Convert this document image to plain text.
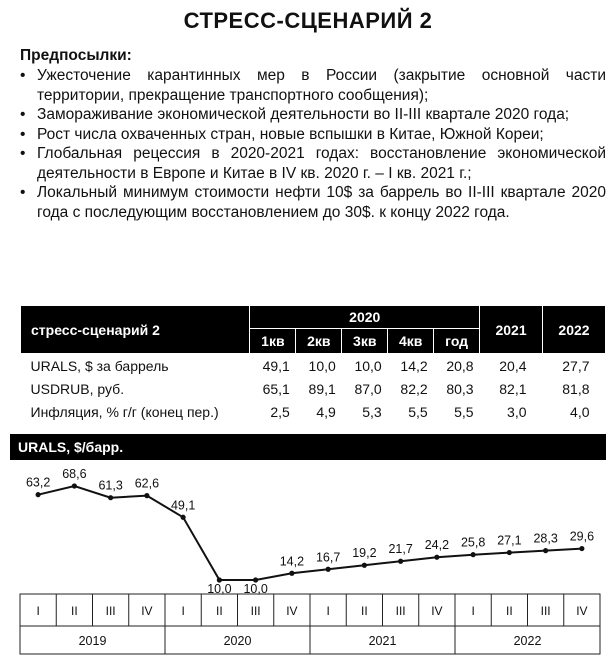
СТРЕСС-СЦЕНАРИЙ 2
Предпосылки:
• Ужесточение карантинных мер в России (закрытие основной части территории, прекращение транспортного сообщения);
• Замораживание экономической деятельности во II-III квартале 2020 года;
• Рост числа охваченных стран, новые вспышки в Китае, Южной Кореи;
• Глобальная рецессия в 2020-2021 годах: восстановление экономической деятельности в Европе и Китае в IV кв. 2020 г. – I кв. 2021 г.;
• Локальный минимум стоимости нефти 10$ за баррель во II-III квартале 2020 года с последующим восстановлением до 30$. к концу 2022 года.
стресс-сценарий 2	2020					2021	2022
	1кв	2кв	3кв	4кв	год		
URALS, $ за баррель	49,1	10,0	10,0	14,2	20,8	20,4	27,7
USDRUB, руб.	65,1	89,1	87,0	82,2	80,3	82,1	81,8
Инфляция, % г/г (конец пер.)	2,5	4,9	5,3	5,5	5,5	3,0	4,0
URALS, $/барр.
63,2
68,6
61,3 62,6
49,1
10,0 10,0
14,2 16,7 19,2 21,7 24,2 25,8 27,1 28,3 29,6
I	II III IV I	II III IV I	II III IV I	II III IV
2019	2020	2021	2022
